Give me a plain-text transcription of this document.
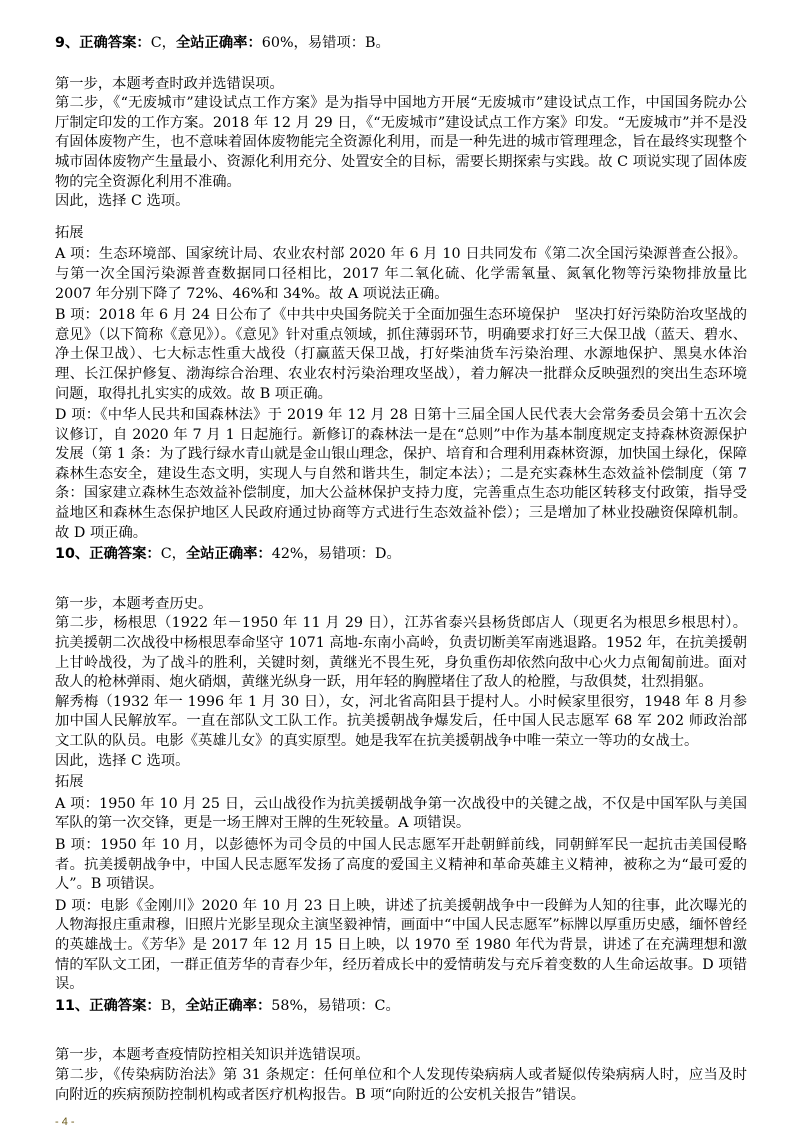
9、正确答案：C，全站正确率：60%，易错项：B。

第一步，本题考查时政并选错误项。

第二步，《“无废城市”建设试点工作方案》是为指导中国地方开展“无废城市”建设试点工作，中国国务院办公厅制定印发的工作方案。2018 年 12 月 29 日，《“无废城市”建设试点工作方案》印发。“无废城市”并不是没有固体废物产生，也不意味着固体废物能完全资源化利用，而是一种先进的城市管理理念，旨在最终实现整个城市固体废物产生量最小、资源化利用充分、处置安全的目标，需要长期探索与实践。故 C 项说实现了固体废物的完全资源化利用不准确。

因此，选择 C 选项。

拓展

A 项：生态环境部、国家统计局、农业农村部 2020 年 6 月 10 日共同发布《第二次全国污染源普查公报》。与第一次全国污染源普查数据同口径相比，2017 年二氧化硫、化学需氧量、氮氧化物等污染物排放量比 2007 年分别下降了 72%、46%和 34%。故 A 项说法正确。

B 项：2018 年 6 月 24 日公布了《中共中央国务院关于全面加强生态环境保护　坚决打好污染防治攻坚战的意见》（以下简称《意见》）。《意见》针对重点领域，抓住薄弱环节，明确要求打好三大保卫战（蓝天、碧水、净土保卫战）、七大标志性重大战役（打赢蓝天保卫战，打好柴油货车污染治理、水源地保护、黑臭水体治理、长江保护修复、渤海综合治理、农业农村污染治理攻坚战），着力解决一批群众反映强烈的突出生态环境问题，取得扎扎实实的成效。故 B 项正确。

D 项：《中华人民共和国森林法》于 2019 年 12 月 28 日第十三届全国人民代表大会常务委员会第十五次会议修订，自 2020 年 7 月 1 日起施行。新修订的森林法一是在“总则”中作为基本制度规定支持森林资源保护发展（第 1 条：为了践行绿水青山就是金山银山理念，保护、培育和合理利用森林资源，加快国土绿化，保障森林生态安全，建设生态文明，实现人与自然和谐共生，制定本法）；二是充实森林生态效益补偿制度（第 7 条：国家建立森林生态效益补偿制度，加大公益林保护支持力度，完善重点生态功能区转移支付政策，指导受益地区和森林生态保护地区人民政府通过协商等方式进行生态效益补偿）；三是增加了林业投融资保障机制。故 D 项正确。

10、正确答案：C，全站正确率：42%，易错项：D。

第一步，本题考查历史。

第二步，杨根思（1922 年－1950 年 11 月 29 日），江苏省泰兴县杨货郎店人（现更名为根思乡根思村）。抗美援朝二次战役中杨根思奉命坚守 1071 高地-东南小高岭，负责切断美军南逃退路。1952 年，在抗美援朝上甘岭战役，为了战斗的胜利，关键时刻，黄继光不畏生死，身负重伤却依然向敌中心火力点匍匐前进。面对敌人的枪林弹雨、炮火硝烟，黄继光纵身一跃，用年轻的胸膛堵住了敌人的枪膛，与敌俱焚，壮烈捐躯。

解秀梅（1932 年一 1996 年 1 月 30 日），女，河北省高阳县于提村人。小时候家里很穷，1948 年 8 月参加中国人民解放军。一直在部队文工队工作。抗美援朝战争爆发后，任中国人民志愿军 68 军 202 师政治部文工队的队员。电影《英雄儿女》的真实原型。她是我军在抗美援朝战争中唯一荣立一等功的女战士。

因此，选择 C 选项。

拓展

A 项：1950 年 10 月 25 日，云山战役作为抗美援朝战争第一次战役中的关键之战，不仅是中国军队与美国军队的第一次交锋，更是一场王牌对王牌的生死较量。A 项错误。

B 项：1950 年 10 月，以彭德怀为司令员的中国人民志愿军开赴朝鲜前线，同朝鲜军民一起抗击美国侵略者。抗美援朝战争中，中国人民志愿军发扬了高度的爱国主义精神和革命英雄主义精神，被称之为“最可爱的人”。B 项错误。

D 项：电影《金刚川》2020 年 10 月 23 日上映，讲述了抗美援朝战争中一段鲜为人知的往事，此次曝光的人物海报庄重肃穆，旧照片光影呈现众主演坚毅神情，画面中“中国人民志愿军”标牌以厚重历史感，缅怀曾经的英雄战士。《芳华》是 2017 年 12 月 15 日上映，以 1970 至 1980 年代为背景，讲述了在充满理想和激情的军队文工团，一群正值芳华的青春少年，经历着成长中的爱情萌发与充斥着变数的人生命运故事。D 项错误。

11、正确答案：B，全站正确率：58%，易错项：C。

第一步，本题考查疫情防控相关知识并选错误项。

第二步，《传染病防治法》第 31 条规定：任何单位和个人发现传染病病人或者疑似传染病病人时，应当及时向附近的疾病预防控制机构或者医疗机构报告。B 项“向附近的公安机关报告”错误。

- 4 -
